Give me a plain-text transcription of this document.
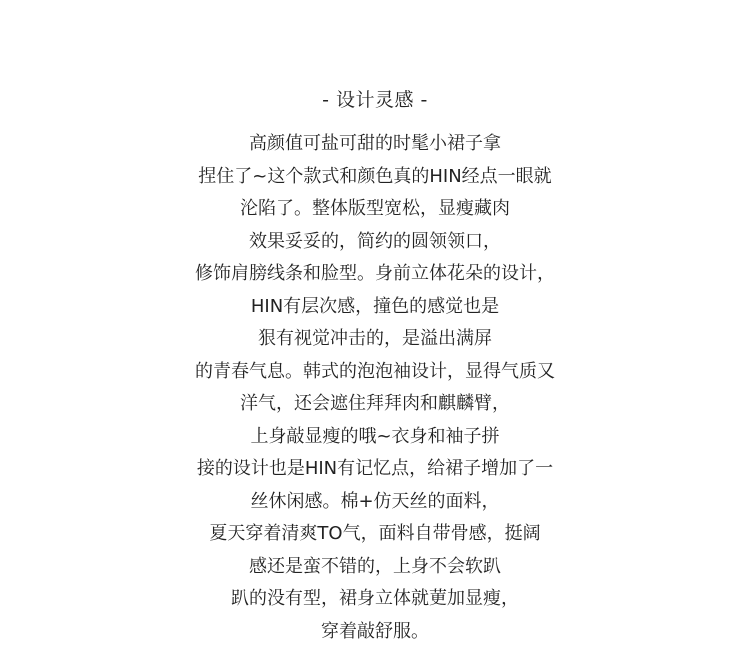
- 设计灵感 -
高颜值可盐可甜的时髦小裙子拿
捏住了~这个款式和颜色真的HIN经点一眼就
沦陷了。整体版型宽松，显瘦藏肉
效果妥妥的，简约的圆领领口，
修饰肩膀线条和脸型。身前立体花朵的设计，
HIN有层次感，撞色的感觉也是
狠有视觉冲击的，是溢出满屏
的青春气息。韩式的泡泡袖设计，显得气质又
洋气，还会遮住拜拜肉和麒麟臂，
上身敲显瘦的哦~衣身和袖子拼
接的设计也是HIN有记忆点，给裙子增加了一
丝休闲感。棉+仿天丝的面料，
夏天穿着清爽TO气，面料自带骨感，挺阔
感还是蛮不错的，上身不会软趴
趴的没有型，裙身立体就莄加显瘦，
穿着敲舒服。
